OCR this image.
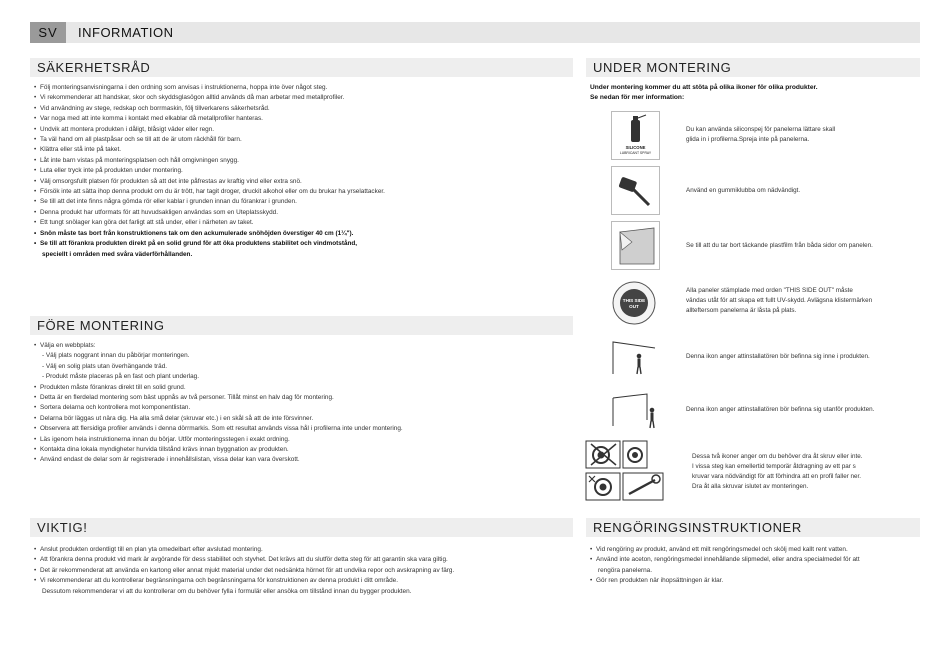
SV	INFORMATION
SÄKERHETSRÅD
• Följ monteringsanvisningarna i den ordning som anvisas i instruktionerna, hoppa inte över något steg.
• Vi rekommenderar att handskar, skor och skyddsglasögon alltid används då man arbetar med metallprofiler.
• Vid användning av stege, redskap och borrmaskin, följ tillverkarens säkerhetsråd.
• Var noga med att inte komma i kontakt med elkablar då metallprofiler hanteras.
• Undvik att montera produkten i dåligt, blåsigt väder eller regn.
• Ta väl hand om all plastpåsar och se till att de är utom räckhåll för barn.
• Klättra eller stå inte på taket.
• Låt inte barn vistas på monteringsplatsen och håll omgivningen snygg.
• Luta eller tryck inte på produkten under montering.
• Välj omsorgsfullt platsen för produkten så att det inte påfrestas av kraftig vind eller extra snö.
• Försök inte att sätta ihop denna produkt om du är trött, har tagit droger, druckit alkohol eller om du brukar ha yrselattacker.
• Se till att det inte finns några gömda rör eller kablar i grunden innan du förankrar i grunden.
• Denna produkt har utformats för att huvudsakligen användas som en Uteplatsskydd.
• Ett tungt snölager kan göra det farligt att stå under, eller i närheten av taket.
• Snön måste tas bort från konstruktionens tak om den ackumulerade snöhöjden överstiger 40 cm (1¼").
• Se till att förankra produkten direkt på en solid grund för att öka produktens stabilitet och vindmotstånd,
speciellt i områden med svåra väderförhållanden.
FÖRE MONTERING
• Välja en webbplats:
- Välj plats noggrant innan du påbörjar monteringen.
- Välj en solig plats utan överhängande träd.
- Produkt måste placeras på en fast och plant underlag.
• Produkten måste förankras direkt till en solid grund.
• Detta är en flerdelad montering som bäst uppnås av två personer. Tillåt minst en halv dag för montering.
• Sortera delarna och kontrollera mot komponentlistan.
• Delarna bör läggas ut nära dig. Ha alla små delar (skruvar etc.) i en skål så att de inte försvinner.
• Observera att flersidiga profiler används i denna dörrmarkis. Som ett resultat används vissa hål i profilerna inte under montering.
• Läs igenom hela instruktionerna innan du börjar. Utför monteringsstegen i exakt ordning.
• Kontakta dina lokala myndigheter hurvida tillstånd krävs innan byggnation av produkten.
• Använd endast de delar som är registrerade i innehållslistan, vissa delar kan vara överskott.
VIKTIG!
• Anslut produkten ordentligt till en plan yta omedelbart efter avslutad montering.
• Att förankra denna produkt vid mark är avgörande för dess stabilitet och styvhet. Det krävs att du slutför detta steg för att garantin ska vara giltig.
• Det är rekommenderat att använda en kartong eller annat mjukt material under det nedsänkta hörnet för att undvika repor och avskrapning av färg.
• Vi rekommenderar att du kontrollerar begränsningarna och begränsningarna för konstruktionen av denna produkt i ditt område.
Dessutom rekommenderar vi att du kontrollerar om du behöver fylla i formulär eller ansöka om tillstånd innan du bygger produkten.
UNDER MONTERING
Under montering kommer du att stöta på olika ikoner för olika produkter.
Se nedan för mer information:
SILICONE
LUBRICANT SPRAY
Du kan använda siliconspej för panelerna lättare skall
glida in i profilerna.Spreja inte på panelerna.
Använd en gummiklubba om nädvändigt.
Se till att du tar bort täckande plastfilm från båda sidor om panelen.
THIS SIDE
OUT
Alla paneler stämplade med orden "THIS SIDE OUT" måste
vändas utåt för att skapa ett fullt UV-skydd. Avlägsna klistermärken
allteftersom panelerna är låsta på plats.
Denna ikon anger attinstallatören bör befinna sig inne i produkten.
Denna ikon anger attinstallatören bör befinna sig utanför produkten.
Dessa två ikoner anger om du behöver dra åt skruv eller inte.
I vissa steg kan emellertid temporär åtdragning av ett par s
kruvar vara nödvändigt för att förhindra att en profil faller ner.
Dra åt alla skruvar islutet av monteringen.
RENGÖRINGSINSTRUKTIONER
• Vid rengöring av produkt, använd ett milt rengöringsmedel och skölj med kallt rent vatten.
• Använd inte aceton, rengöringsmedel innehållande slipmedel, eller andra specialmedel för att
rengöra panelerna.
• Gör ren produkten när ihopsättningen är klar.
